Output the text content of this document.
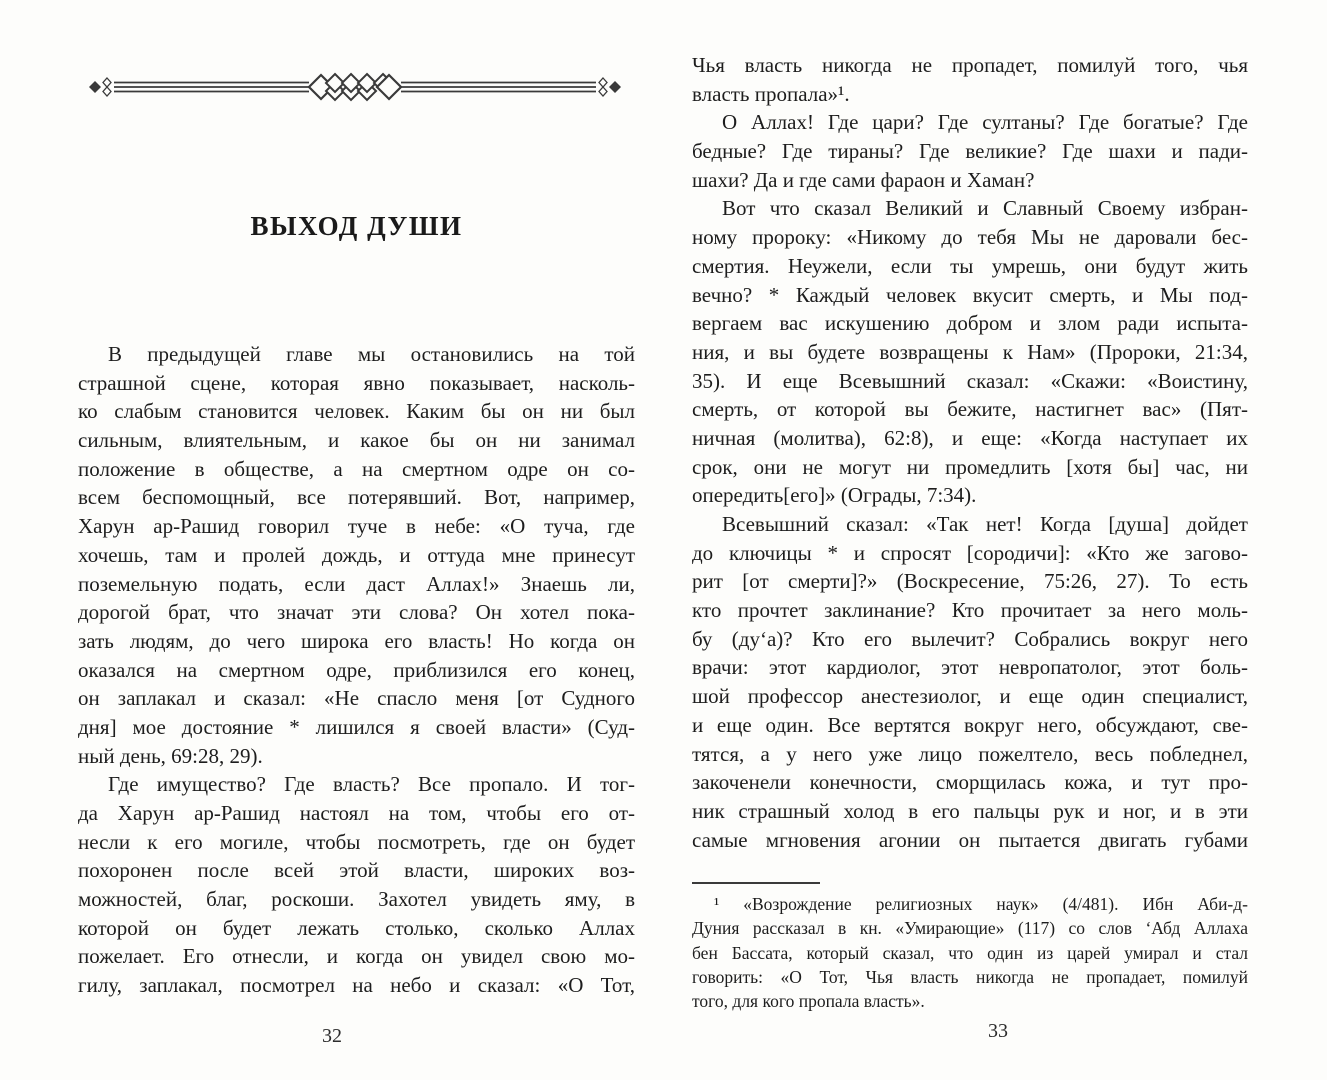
ВЫХОД ДУШИ
В предыдущей главе мы остановились на той
страшной сцене, которая явно показывает, насколь-
ко слабым становится человек. Каким бы он ни был
сильным, влиятельным, и какое бы он ни занимал
положение в обществе, а на смертном одре он со-
всем беспомощный, все потерявший. Вот, например,
Харун ар-Рашид говорил туче в небе: «О туча, где
хочешь, там и пролей дождь, и оттуда мне принесут
поземельную подать, если даст Аллах!» Знаешь ли,
дорогой брат, что значат эти слова? Он хотел пока-
зать людям, до чего широка его власть! Но когда он
оказался на смертном одре, приблизился его конец,
он заплакал и сказал: «Не спасло меня [от Судного
дня] мое достояние * лишился я своей власти» (Суд-
ный день, 69:28, 29).
Где имущество? Где власть? Все пропало. И тог-
да Харун ар-Рашид настоял на том, чтобы его от-
несли к его могиле, чтобы посмотреть, где он будет
похоронен после всей этой власти, широких воз-
можностей, благ, роскоши. Захотел увидеть яму, в
которой он будет лежать столько, сколько Аллах
пожелает. Его отнесли, и когда он увидел свою мо-
гилу, заплакал, посмотрел на небо и сказал: «О Тот,
32
Чья власть никогда не пропадет, помилуй того, чья
власть пропала»¹.
О Аллах! Где цари? Где султаны? Где богатые? Где
бедные? Где тираны? Где великие? Где шахи и пади-
шахи? Да и где сами фараон и Хаман?
Вот что сказал Великий и Славный Своему избран-
ному пророку: «Никому до тебя Мы не даровали бес-
смертия. Неужели, если ты умрешь, они будут жить
вечно? * Каждый человек вкусит смерть, и Мы под-
вергаем вас искушению добром и злом ради испыта-
ния, и вы будете возвращены к Нам» (Пророки, 21:34,
35). И еще Всевышний сказал: «Скажи: «Воистину,
смерть, от которой вы бежите, настигнет вас» (Пят-
ничная (молитва), 62:8), и еще: «Когда наступает их
срок, они не могут ни промедлить [хотя бы] час, ни
опередить[его]» (Ограды, 7:34).
Всевышний сказал: «Так нет! Когда [душа] дойдет
до ключицы * и спросят [сородичи]: «Кто же загово-
рит [от смерти]?» (Воскресение, 75:26, 27). То есть
кто прочтет заклинание? Кто прочитает за него моль-
бу (ду‘а)? Кто его вылечит? Собрались вокруг него
врачи: этот кардиолог, этот невропатолог, этот боль-
шой профессор анестезиолог, и еще один специалист,
и еще один. Все вертятся вокруг него, обсуждают, све-
тятся, а у него уже лицо пожелтело, весь побледнел,
закоченели конечности, сморщилась кожа, и тут про-
ник страшный холод в его пальцы рук и ног, и в эти
самые мгновения агонии он пытается двигать губами
¹ «Возрождение религиозных наук» (4/481). Ибн Аби-д-
Дуния рассказал в кн. «Умирающие» (117) со слов ‘Абд Аллаха
бен Бассата, который сказал, что один из царей умирал и стал
говорить: «О Тот, Чья власть никогда не пропадает, помилуй
того, для кого пропала власть».
33
